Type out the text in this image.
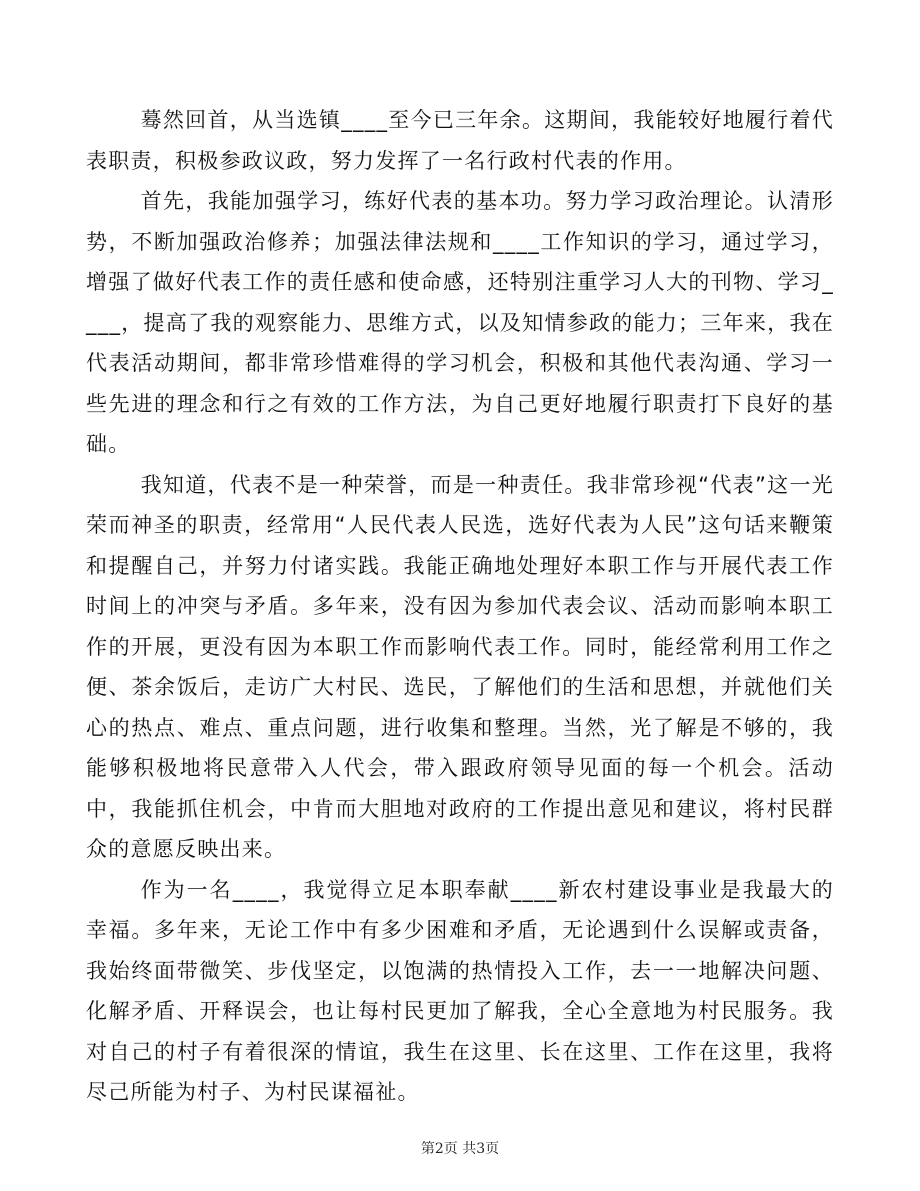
蓦然回首，从当选镇____至今已三年余。这期间，我能较好地履行着代表职责，积极参政议政，努力发挥了一名行政村代表的作用。

首先，我能加强学习，练好代表的基本功。努力学习政治理论。认清形势，不断加强政治修养；加强法律法规和____工作知识的学习，通过学习，增强了做好代表工作的责任感和使命感，还特别注重学习人大的刊物、学习____，提高了我的观察能力、思维方式，以及知情参政的能力；三年来，我在代表活动期间，都非常珍惜难得的学习机会，积极和其他代表沟通、学习一些先进的理念和行之有效的工作方法，为自己更好地履行职责打下良好的基础。

我知道，代表不是一种荣誉，而是一种责任。我非常珍视“代表”这一光荣而神圣的职责，经常用“人民代表人民选，选好代表为人民”这句话来鞭策和提醒自己，并努力付诸实践。我能正确地处理好本职工作与开展代表工作时间上的冲突与矛盾。多年来，没有因为参加代表会议、活动而影响本职工作的开展，更没有因为本职工作而影响代表工作。同时，能经常利用工作之便、茶余饭后，走访广大村民、选民，了解他们的生活和思想，并就他们关心的热点、难点、重点问题，进行收集和整理。当然，光了解是不够的，我能够积极地将民意带入人代会，带入跟政府领导见面的每一个机会。活动中，我能抓住机会，中肯而大胆地对政府的工作提出意见和建议，将村民群众的意愿反映出来。

作为一名____，我觉得立足本职奉献____新农村建设事业是我最大的幸福。多年来，无论工作中有多少困难和矛盾，无论遇到什么误解或责备，我始终面带微笑、步伐坚定，以饱满的热情投入工作，去一一地解决问题、化解矛盾、开释误会，也让每村民更加了解我，全心全意地为村民服务。我对自己的村子有着很深的情谊，我生在这里、长在这里、工作在这里，我将尽己所能为村子、为村民谋福祉。

第2页 共3页
